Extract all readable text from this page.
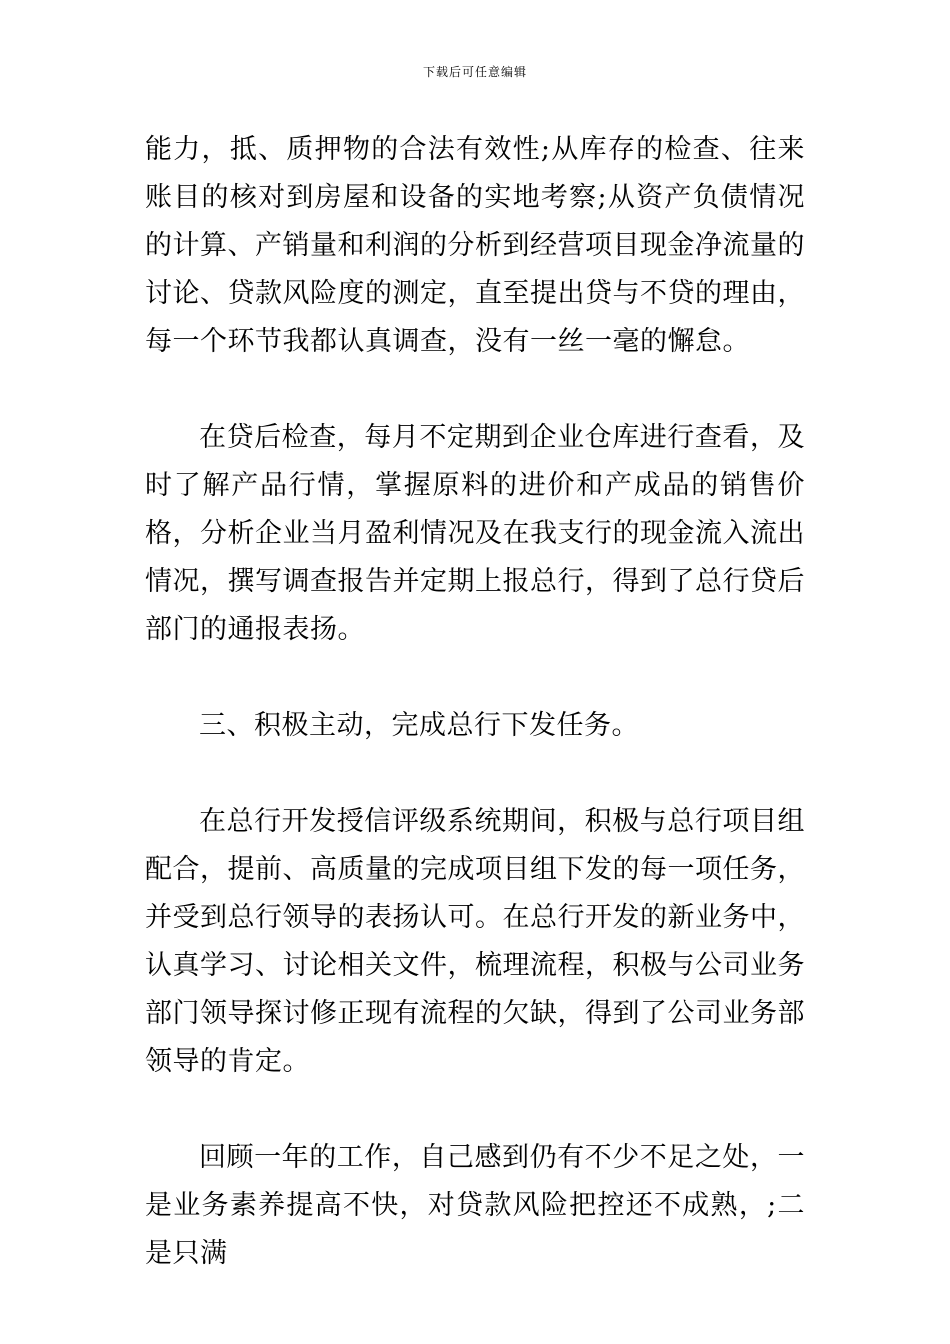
下载后可任意编辑

能力，抵、质押物的合法有效性;从库存的检查、往来账目的核对到房屋和设备的实地考察;从资产负债情况的计算、产销量和利润的分析到经营项目现金净流量的讨论、贷款风险度的测定，直至提出贷与不贷的理由，每一个环节我都认真调查，没有一丝一毫的懈怠。

在贷后检查，每月不定期到企业仓库进行查看，及时了解产品行情，掌握原料的进价和产成品的销售价格，分析企业当月盈利情况及在我支行的现金流入流出情况，撰写调查报告并定期上报总行，得到了总行贷后部门的通报表扬。

三、积极主动，完成总行下发任务。

在总行开发授信评级系统期间，积极与总行项目组配合，提前、高质量的完成项目组下发的每一项任务，并受到总行领导的表扬认可。在总行开发的新业务中，认真学习、讨论相关文件，梳理流程，积极与公司业务部门领导探讨修正现有流程的欠缺，得到了公司业务部领导的肯定。

回顾一年的工作，自己感到仍有不少不足之处，一是业务素养提高不快，对贷款风险把控还不成熟，;二是只满
